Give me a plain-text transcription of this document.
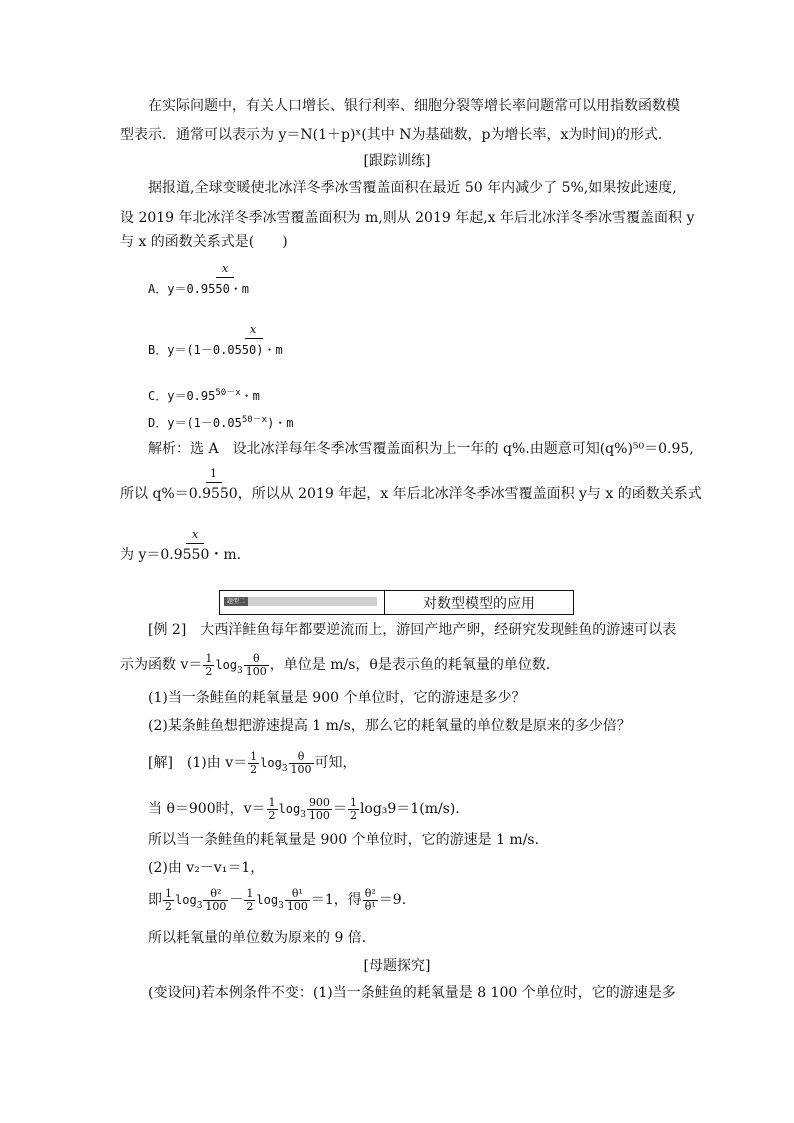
在实际问题中，有关人口增长、银行利率、细胞分裂等增长率问题常可以用指数函数模
型表示．通常可以表示为 y＝N(1＋p)ˣ(其中 N为基础数，p为增长率，x为时间)的形式．
[跟踪训练]
据报道,全球变暖使北冰洋冬季冰雪覆盖面积在最近 50 年内减少了 5%,如果按此速度,
设 2019 年北冰洋冬季冰雪覆盖面积为 m,则从 2019 年起,x 年后北冰洋冬季冰雪覆盖面积 y
与 x 的函数关系式是(　　)
x
A．y＝0.9550・m
x
B．y＝(1－0.0550)・m
C．$y=0.95^{50-x}$・m
D．$y=(1-0.05^{50-x})$・m
解析：选 A　设北冰洋每年冬季冰雪覆盖面积为上一年的 q%.由题意可知(q%)⁵⁰＝0.95,
1
所以 q%＝0.9550，所以从 2019 年起，x 年后北冰洋冬季冰雪覆盖面积 y与 x 的函数关系式
x
为 y＝0.9550・m.
题型二	对数型模型的应用
[例 2]　大西洋鲑鱼每年都要逆流而上，游回产地产卵，经研究发现鲑鱼的游速可以表
示为函数 $v= \frac{1}{2} \log_3 \frac{\theta}{100}$ ，单位是 m/s，θ是表示鱼的耗氧量的单位数．
(1)当一条鲑鱼的耗氧量是 900 个单位时，它的游速是多少？
(2)某条鲑鱼想把游速提高 1 m/s，那么它的耗氧量的单位数是原来的多少倍？
[解]　(1)由 $v= \frac{1}{2} \log_3 \frac{\theta}{100}$ 可知，
当 θ＝900时，$v= \frac{1}{2} \log_3 \frac{900}{100} = \frac{1}{2} \log_39=1(m/s)$．
所以当一条鲑鱼的耗氧量是 900 个单位时，它的游速是 1 m/s.
(2)由 v₂－v₁＝1，
即 $\frac{1}{2} \log_3 \frac{\text{θ²}}{100} - \frac{1}{2} \log_3 \frac{\text{θ¹}}{100} =1$，得 $\frac{\text{θ²}}{\text{θ¹}} =9$.
所以耗氧量的单位数为原来的 9 倍．
[母题探究]
(变设问)若本例条件不变：(1)当一条鲑鱼的耗氧量是 8 100 个单位时，它的游速是多
